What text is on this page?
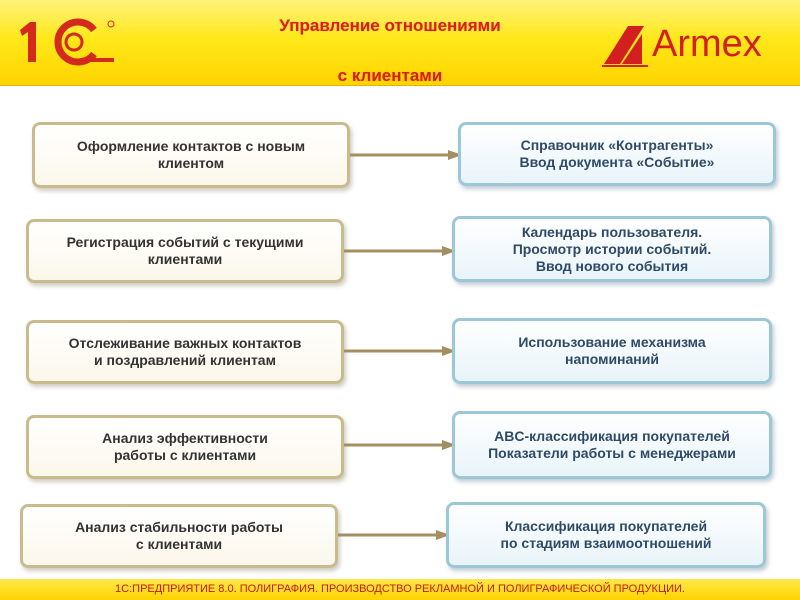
Управление отношениями
с клиентами
Armex
Оформление контактов с новым
клиентом
Справочник «Контрагенты»
Ввод документа «Событие»
Регистрация событий с текущими
клиентами
Календарь пользователя.
Просмотр истории событий.
Ввод нового события
Отслеживание важных контактов
и поздравлений клиентам
Использование механизма
напоминаний
Анализ эффективности
работы с клиентами
ABC-классификация покупателей
Показатели работы с менеджерами
Анализ стабильности работы
с клиентами
Классификация покупателей
по стадиям взаимоотношений
1С:ПРЕДПРИЯТИЕ 8.0. ПОЛИГРАФИЯ. ПРОИЗВОДСТВО РЕКЛАМНОЙ И ПОЛИГРАФИЧЕСКОЙ ПРОДУКЦИИ.
